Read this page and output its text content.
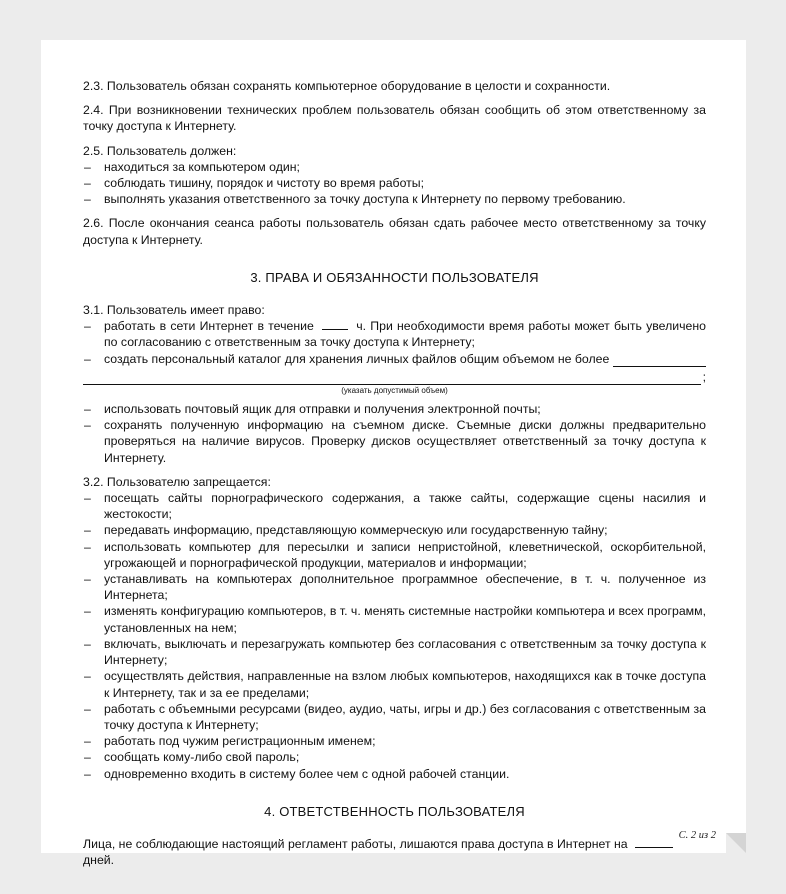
2.3. Пользователь обязан сохранять компьютерное оборудование в целости и сохранности.

2.4. При возникновении технических проблем пользователь обязан сообщить об этом ответственному за точку доступа к Интернету.

2.5. Пользователь должен:

– находиться за компьютером один;
– соблюдать тишину, порядок и чистоту во время работы;
– выполнять указания ответственного за точку доступа к Интернету по первому требованию.

2.6. После окончания сеанса работы пользователь обязан сдать рабочее место ответственному за точку доступа к Интернету.

3. ПРАВА И ОБЯЗАННОСТИ ПОЛЬЗОВАТЕЛЯ

3.1. Пользователь имеет право:

– работать в сети Интернет в течение	ч. При необходимости время работы может быть увеличено по согласованию с ответственным за точку доступа к Интернету;
– создать персональный каталог для хранения личных файлов общим объемом не более
;
(указать допустимый объем)
– использовать почтовый ящик для отправки и получения электронной почты;
– сохранять полученную информацию на съемном диске. Съемные диски должны предварительно проверяться на наличие вирусов. Проверку дисков осуществляет ответственный за точку доступа к Интернету.

3.2. Пользователю запрещается:

– посещать сайты порнографического содержания, а также сайты, содержащие сцены насилия и жестокости;
– передавать информацию, представляющую коммерческую или государственную тайну;
– использовать компьютер для пересылки и записи непристойной, клеветнической, оскорбительной, угрожающей и порнографической продукции, материалов и информации;
– устанавливать на компьютерах дополнительное программное обеспечение, в т. ч. полученное из Интернета;
– изменять конфигурацию компьютеров, в т. ч. менять системные настройки компьютера и всех программ, установленных на нем;
– включать, выключать и перезагружать компьютер без согласования с ответственным за точку доступа к Интернету;
– осуществлять действия, направленные на взлом любых компьютеров, находящихся как в точке доступа к Интернету, так и за ее пределами;
– работать с объемными ресурсами (видео, аудио, чаты, игры и др.) без согласования с ответственным за точку доступа к Интернету;
– работать под чужим регистрационным именем;
– сообщать кому-либо свой пароль;
– одновременно входить в систему более чем с одной рабочей станции.
4. ОТВЕТСТВЕННОСТЬ ПОЛЬЗОВАТЕЛЯ

Лица, не соблюдающие настоящий регламент работы, лишаются права доступа в Интернет на  дней.

С. 2 из 2
